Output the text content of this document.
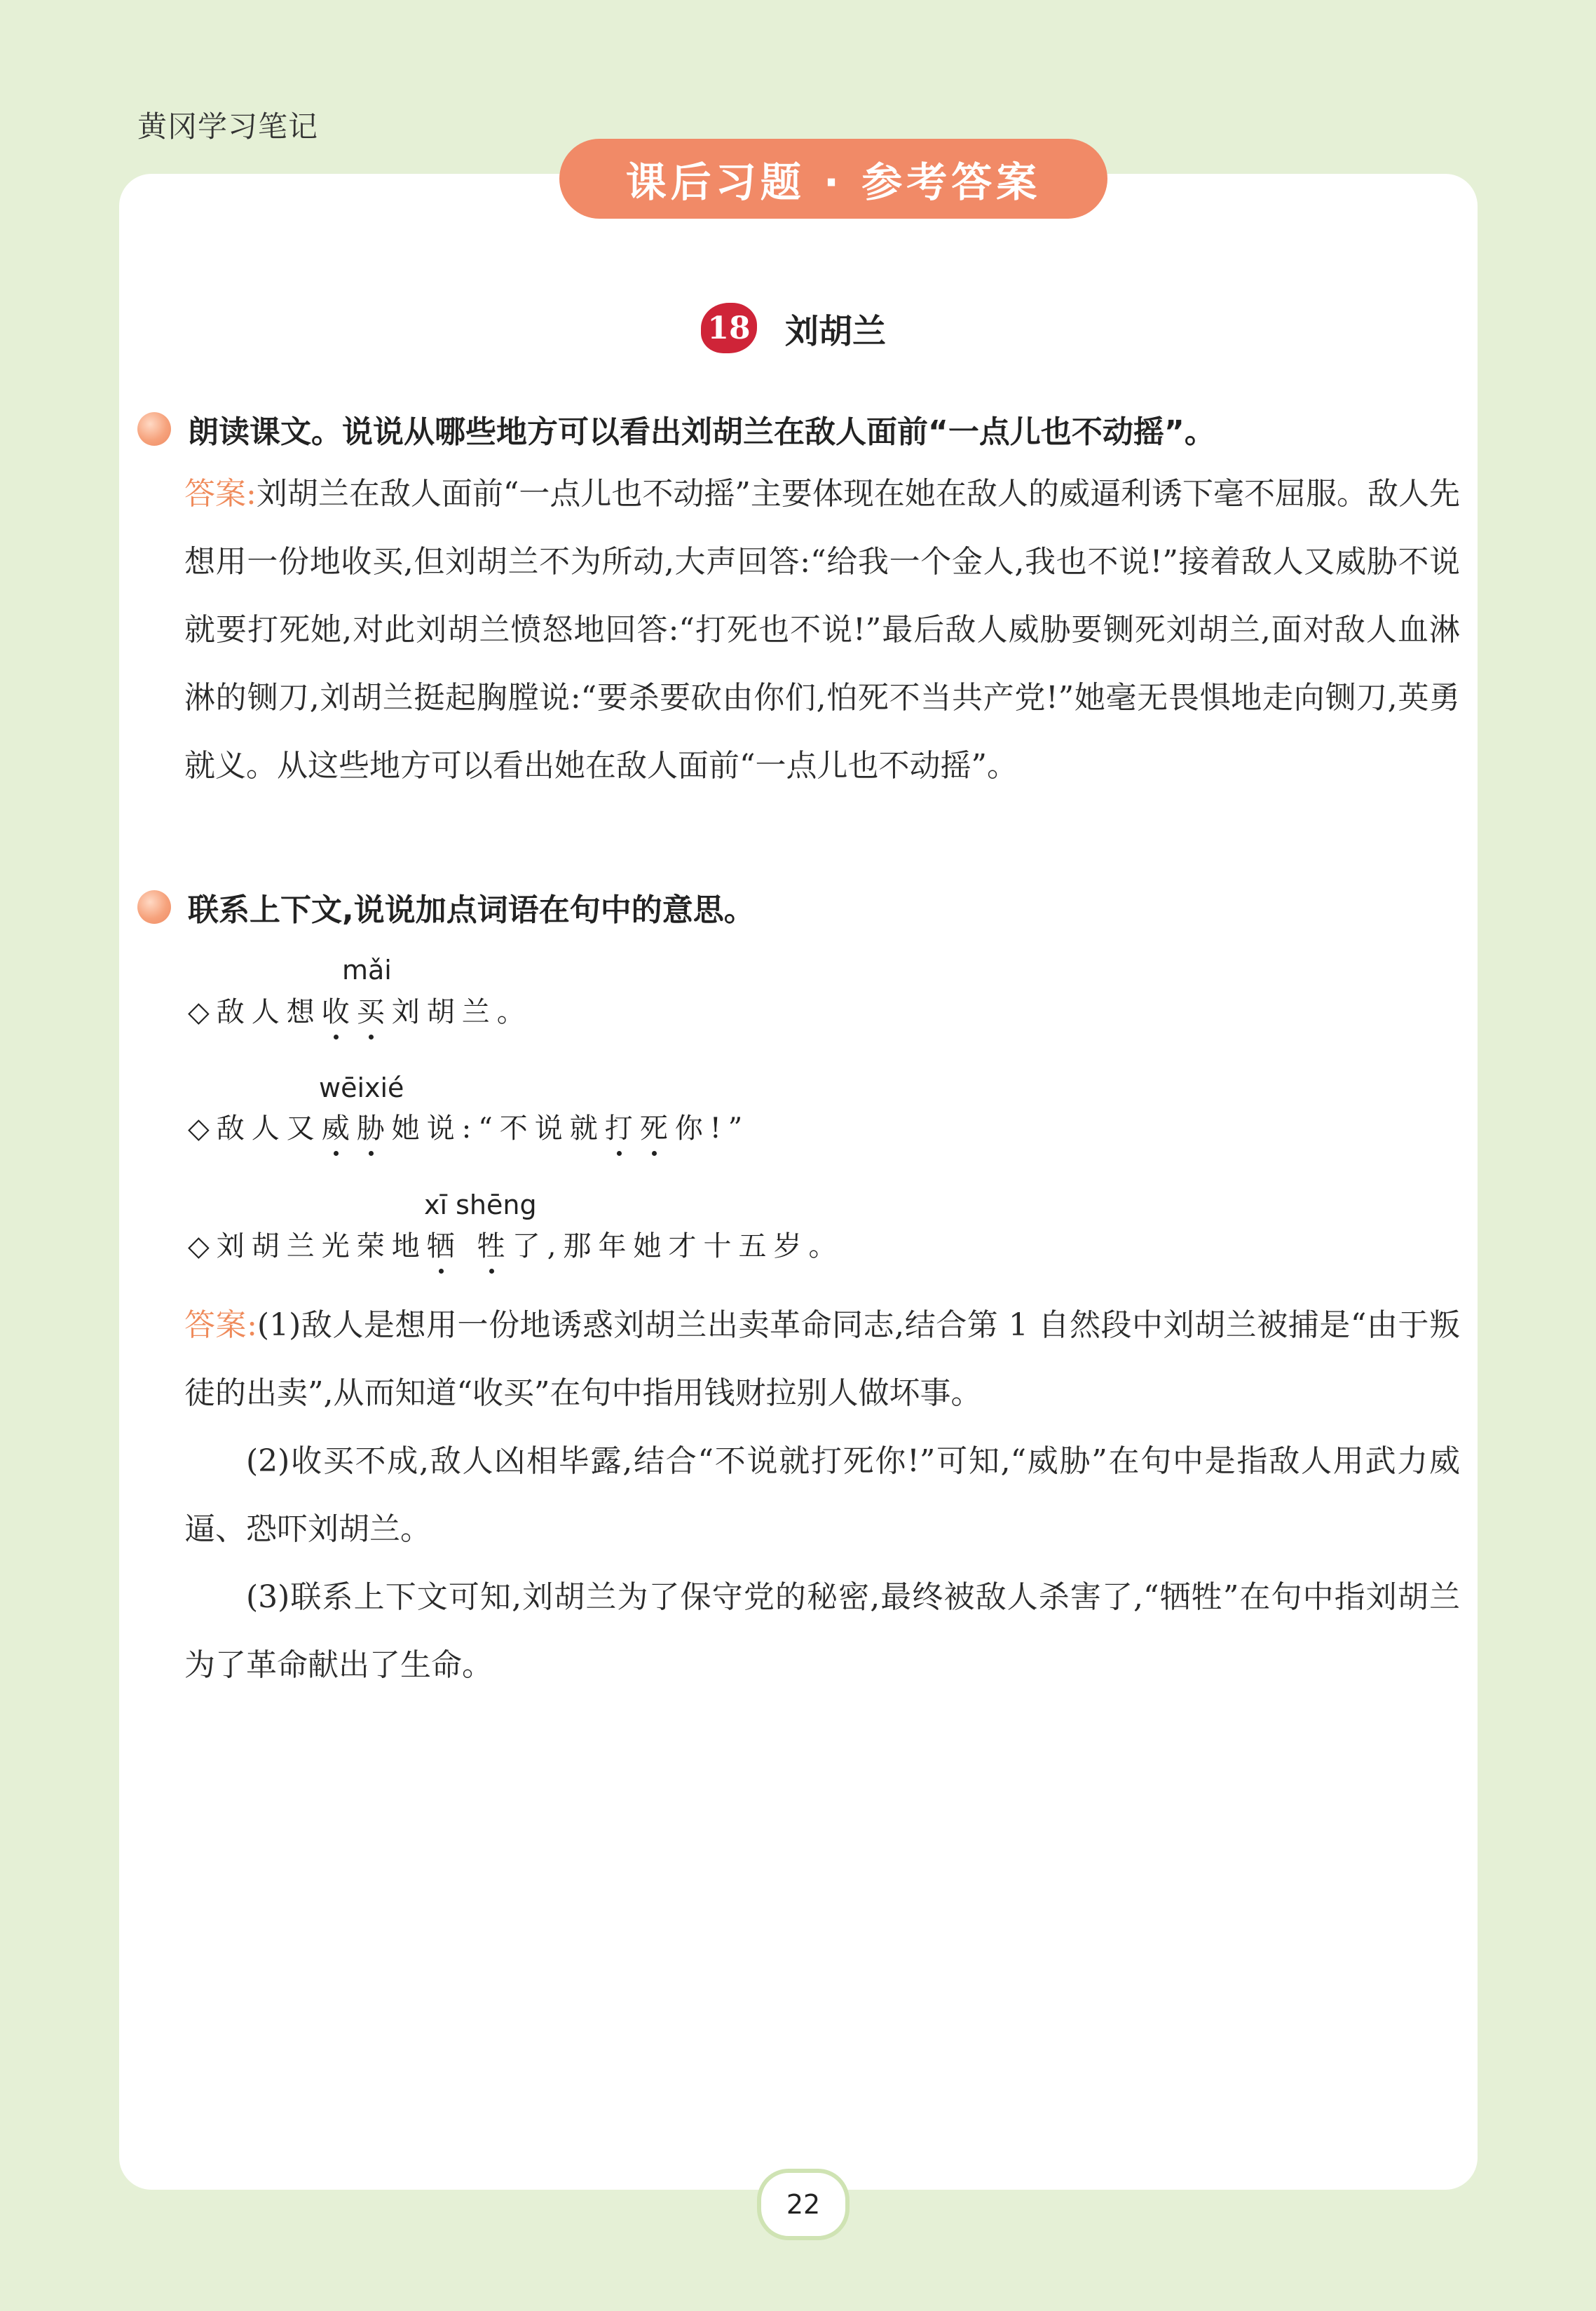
黄冈学习笔记
课后习题 · 参考答案
18 刘胡兰
朗读课文。说说从哪些地方可以看出刘胡兰在敌人面前“一点儿也不动摇”。
答案:刘胡兰在敌人面前“一点儿也不动摇”主要体现在她在敌人的威逼利诱下毫不屈服。敌人先想用一份地收买,但刘胡兰不为所动,大声回答:“给我一个金人,我也不说!”接着敌人又威胁不说就要打死她,对此刘胡兰愤怒地回答:“打死也不说!”最后敌人威胁要铡死刘胡兰,面对敌人血淋淋的铡刀,刘胡兰挺起胸膛说:“要杀要砍由你们,怕死不当共产党!”她毫无畏惧地走向铡刀,英勇就义。从这些地方可以看出她在敌人面前“一点儿也不动摇”。
联系上下文,说说加点词语在句中的意思。
mǎi
◇敌人想收买刘胡兰。
wēixié
◇敌人又威胁她说:“不说就打死你!”
xī shēng
◇刘胡兰光荣地牺 牲了,那年她才十五岁。
答案:(1)敌人是想用一份地诱惑刘胡兰出卖革命同志,结合第 1 自然段中刘胡兰被捕是“由于叛徒的出卖”,从而知道“收买”在句中指用钱财拉别人做坏事。
(2)收买不成,敌人凶相毕露,结合“不说就打死你!”可知,“威胁”在句中是指敌人用武力威逼、恐吓刘胡兰。
(3)联系上下文可知,刘胡兰为了保守党的秘密,最终被敌人杀害了,“牺牲”在句中指刘胡兰为了革命献出了生命。
22
